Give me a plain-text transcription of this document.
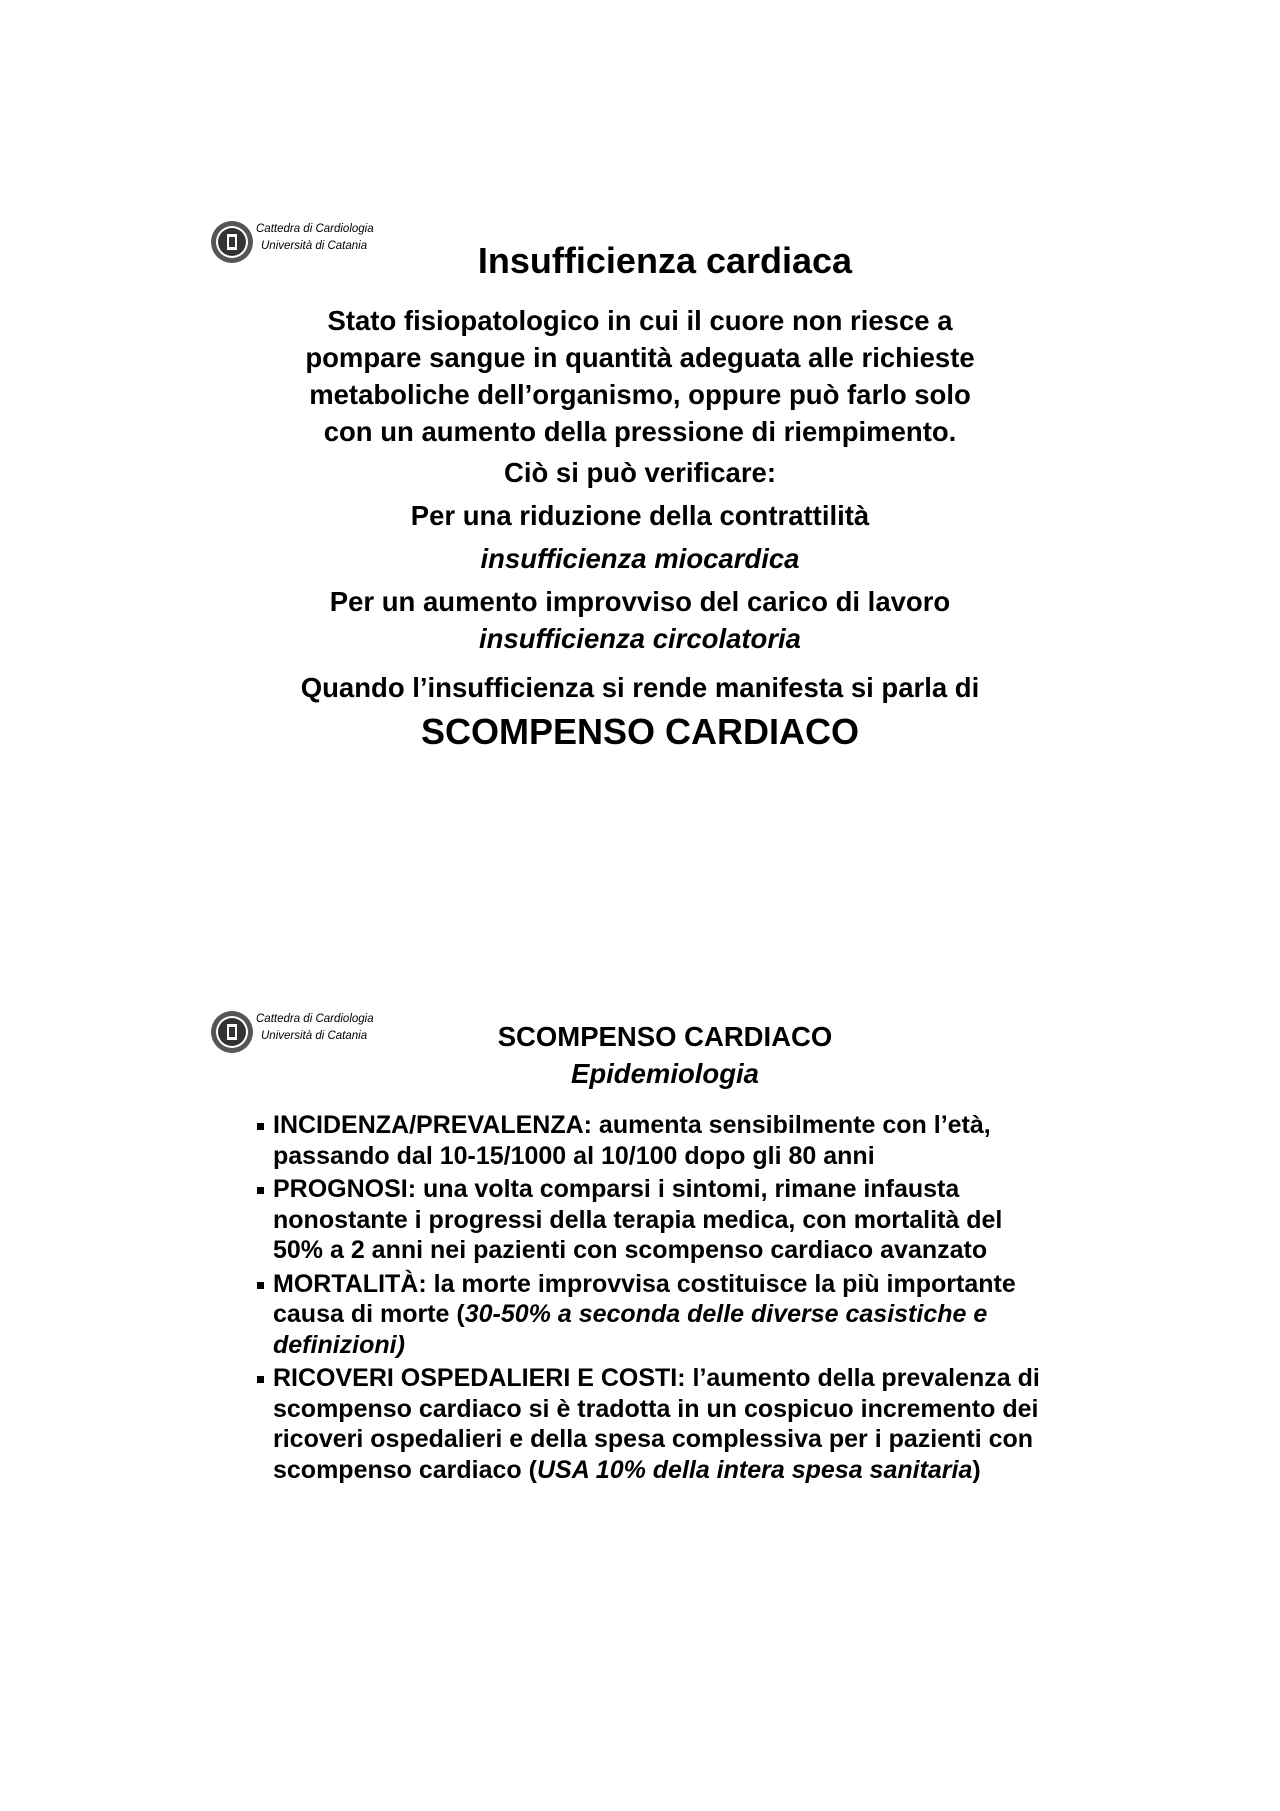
Cattedra di Cardiologia
Università di Catania	Insufficienza cardiaca
Stato fisiopatologico in cui il cuore non riesce a
pompare sangue in quantità adeguata alle richieste
metaboliche dell’organismo, oppure può farlo solo
con un aumento della pressione di riempimento.
Ciò si può verificare:
Per una riduzione della contrattilità
insufficienza miocardica
Per un aumento improvviso del carico di lavoro
insufficienza circolatoria
Quando l’insufficienza si rende manifesta si parla di
SCOMPENSO CARDIACO
Cattedra di Cardiologia
Università di Catania	SCOMPENSO CARDIACO
Epidemiologia
INCIDENZA/PREVALENZA: aumenta sensibilmente con l’età, passando dal 10-15/1000 al 10/100 dopo gli 80 anni
PROGNOSI: una volta comparsi i sintomi, rimane infausta nonostante i progressi della terapia medica, con mortalità del 50% a 2 anni nei pazienti con scompenso cardiaco avanzato
MORTALITÀ: la morte improvvisa costituisce la più importante causa di morte (30-50% a seconda delle diverse casistiche e definizioni)
RICOVERI OSPEDALIERI E COSTI: l’aumento della prevalenza di scompenso cardiaco si è tradotta in un cospicuo incremento dei ricoveri ospedalieri e della spesa complessiva per i pazienti con scompenso cardiaco (USA 10% della intera spesa sanitaria)
